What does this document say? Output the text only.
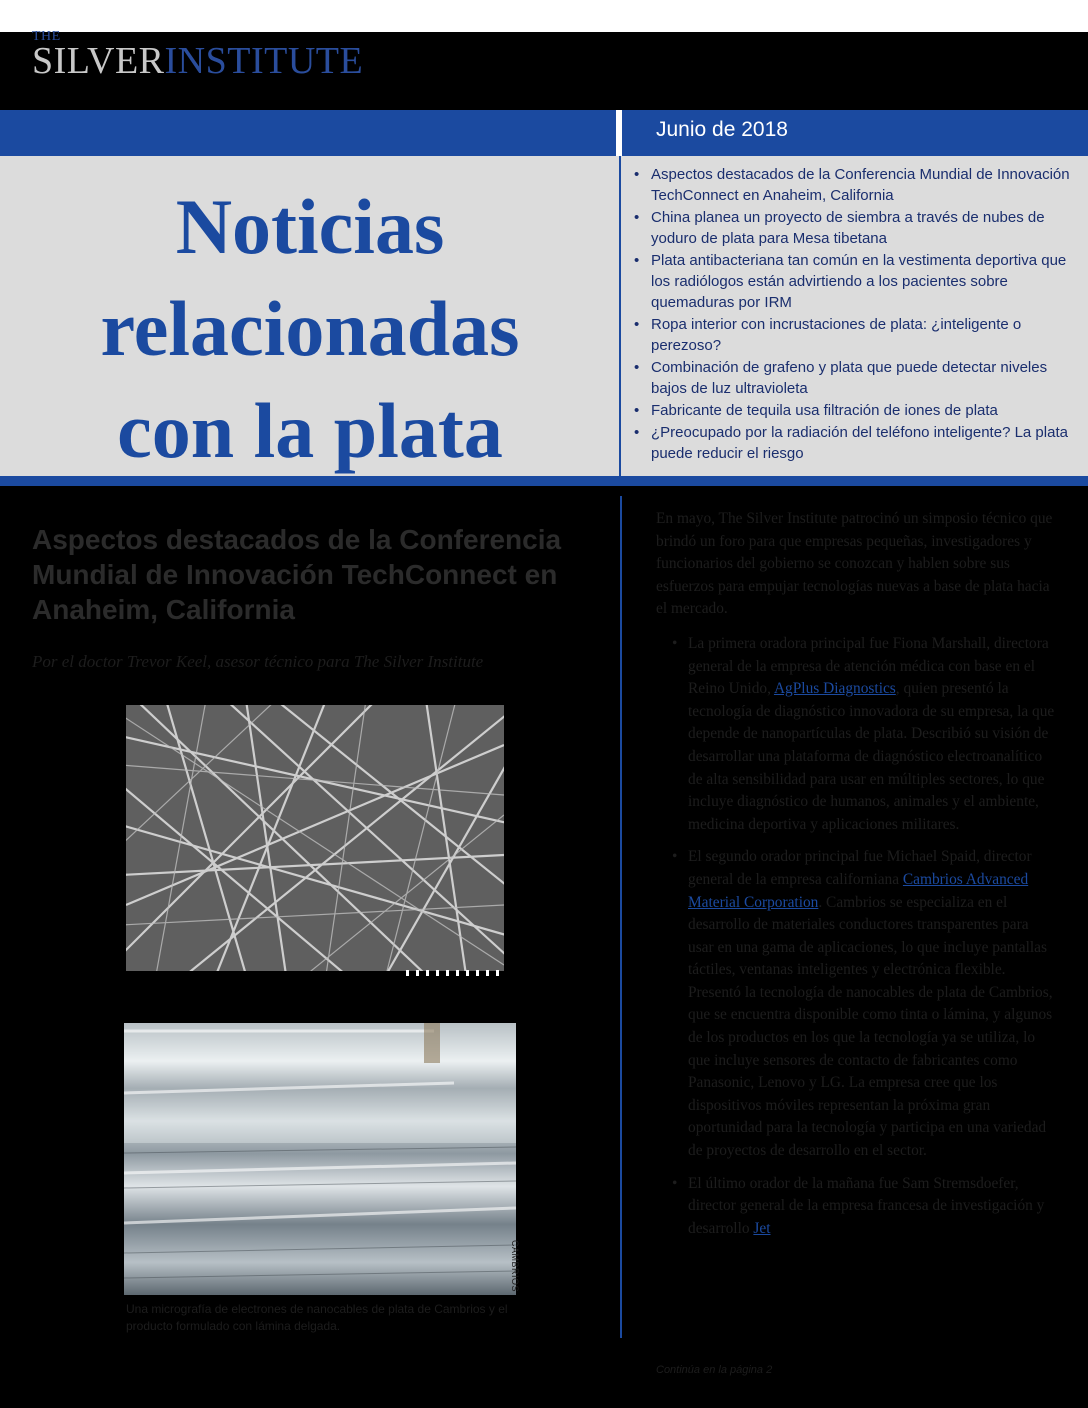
THE
SILVERINSTITUTE
Junio de 2018
Noticias
relacionadas
con la plata
• Aspectos destacados de la Conferencia Mundial de Innovación TechConnect en Anaheim, California
• China planea un proyecto de siembra a través de nubes de yoduro de plata para Mesa tibetana
• Plata antibacteriana tan común en la vestimenta deportiva que los radiólogos están advirtiendo a los pacientes sobre quemaduras por IRM
• Ropa interior con incrustaciones de plata: ¿inteligente o perezoso?
• Combinación de grafeno y plata que puede detectar niveles bajos de luz ultravioleta
• Fabricante de tequila usa filtración de iones de plata
• ¿Preocupado por la radiación del teléfono inteligente? La plata puede reducir el riesgo
Aspectos destacados de la Conferencia Mundial de Innovación TechConnect en Anaheim, California
Por el doctor Trevor Keel, asesor técnico para The Silver Institute
CAMBRIOS
Una micrografía de electrones de nanocables de plata de Cambrios y el producto formulado con lámina delgada.

En mayo, The Silver Institute patrocinó un simposio técnico que brindó un foro para que empresas pequeñas, investigadores y funcionarios del gobierno se conozcan y hablen sobre sus esfuerzos para empujar tecnologías nuevas a base de plata hacia el mercado.

• La primera oradora principal fue Fiona Marshall, directora general de la empresa de atención médica con base en el Reino Unido, AgPlus Diagnostics, quien presentó la tecnología de diagnóstico innovadora de su empresa, la que depende de nanopartículas de plata. Describió su visión de desarrollar una plataforma de diagnóstico electroanalítico de alta sensibilidad para usar en múltiples sectores, lo que incluye diagnóstico de humanos, animales y el ambiente, medicina deportiva y aplicaciones militares.
• El segundo orador principal fue Michael Spaid, director general de la empresa californiana Cambrios Advanced Material Corporation. Cambrios se especializa en el desarrollo de materiales conductores transparentes para usar en una gama de aplicaciones, lo que incluye pantallas táctiles, ventanas inteligentes y electrónica flexible. Presentó la tecnología de nanocables de plata de Cambrios, que se encuentra disponible como tinta o lámina, y algunos de los productos en los que la tecnología ya se utiliza, lo que incluye sensores de contacto de fabricantes como Panasonic, Lenovo y LG. La empresa cree que los dispositivos móviles representan la próxima gran oportunidad para la tecnología y participa en una variedad de proyectos de desarrollo en el sector.
• El último orador de la mañana fue Sam Stremsdoefer, director general de la empresa francesa de investigación y desarrollo Jet
Continúa en la página 2
